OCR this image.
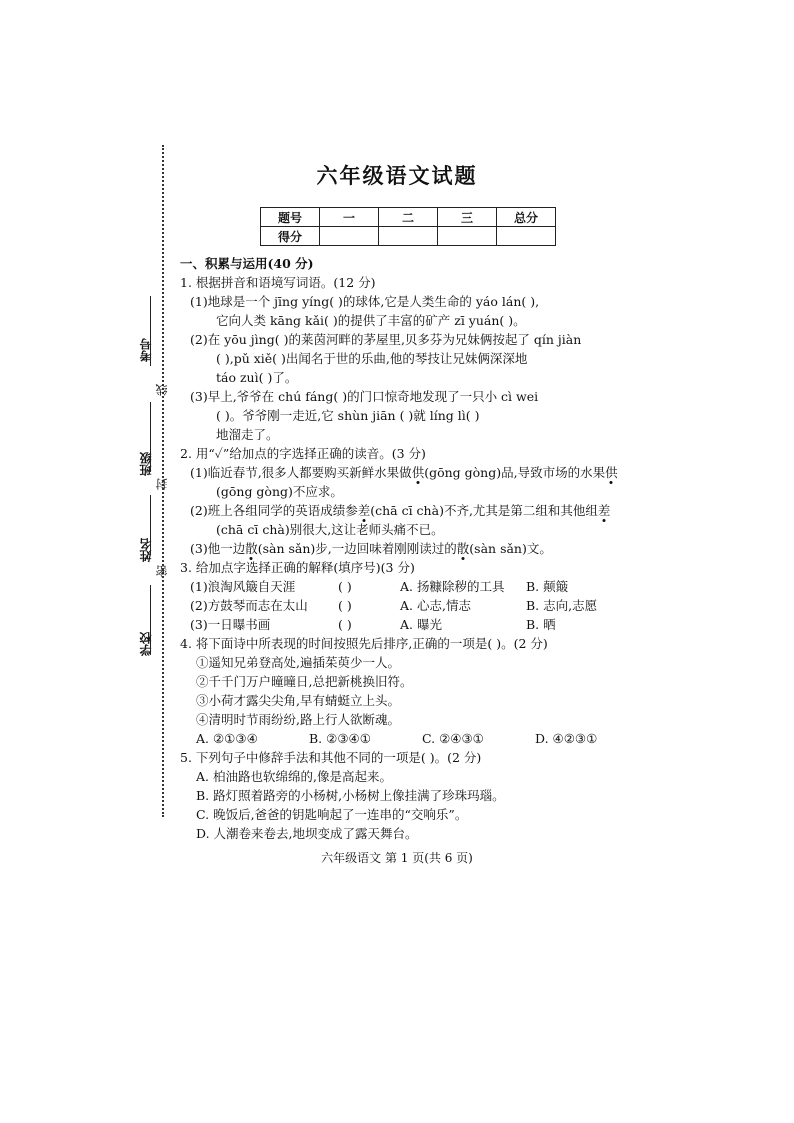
考号
线
班级
封
姓名
密
学校
六年级语文试题
题号	一	二	三	总分
得分				
一、积累与运用(40 分)
1. 根据拼音和语境写词语。(12 分)
(1)地球是一个 jīng yíng( )的球体,它是人类生命的 yáo lán( ),
它向人类 kāng kǎi( )的提供了丰富的矿产 zī yuán( )。
(2)在 yōu jìng( )的莱茵河畔的茅屋里,贝多芬为兄妹俩按起了 qín jiàn
( ),pǔ xiě( )出闻名于世的乐曲,他的琴技让兄妹俩深深地
táo zuì( )了。
(3)早上,爷爷在 chú fáng( )的门口惊奇地发现了一只小 cì wei
( )。爷爷刚一走近,它 shùn jiān ( )就 líng lì( )
地溜走了。
2. 用“✓”给加点的字选择正确的读音。(3 分)
(1)临近春节,很多人都要购买新鲜水果做供(gōng gòng)品,导致市场的水果供
(gōng gòng)不应求。
(2)班上各组同学的英语成绩参差(chā cī chà)不齐,尤其是第二组和其他组差
(chā cī chà)别很大,这让老师头痛不已。
(3)他一边散(sàn sǎn)步,一边回味着刚刚读过的散(sàn sǎn)文。
3. 给加点字选择正确的解释(填序号)(3 分)
(1)浪淘风簸自天涯	( )	A. 扬糠除秽的工具 B. 颠簸
(2)方鼓琴而志在太山 ( )	A. 心志,情志	B. 志向,志愿
(3)一日曝书画	( )	A. 曝光	B. 晒
4. 将下面诗中所表现的时间按照先后排序,正确的一项是( )。(2 分)
①遥知兄弟登高处,遍插茱萸少一人。
②千千门万户曈曈日,总把新桃换旧符。
③小荷才露尖尖角,早有蜻蜓立上头。
④清明时节雨纷纷,路上行人欲断魂。
A. ②①③④	B. ②③④①	C. ②④③①	D. ④②③①
5. 下列句子中修辞手法和其他不同的一项是( )。(2 分)
A. 柏油路也软绵绵的,像是高起来。
B. 路灯照着路旁的小杨树,小杨树上像挂满了珍珠玛瑙。
C. 晚饭后,爸爸的钥匙响起了一连串的“交响乐”。
D. 人潮卷来卷去,地坝变成了露天舞台。
六年级语文 第 1 页(共 6 页)
